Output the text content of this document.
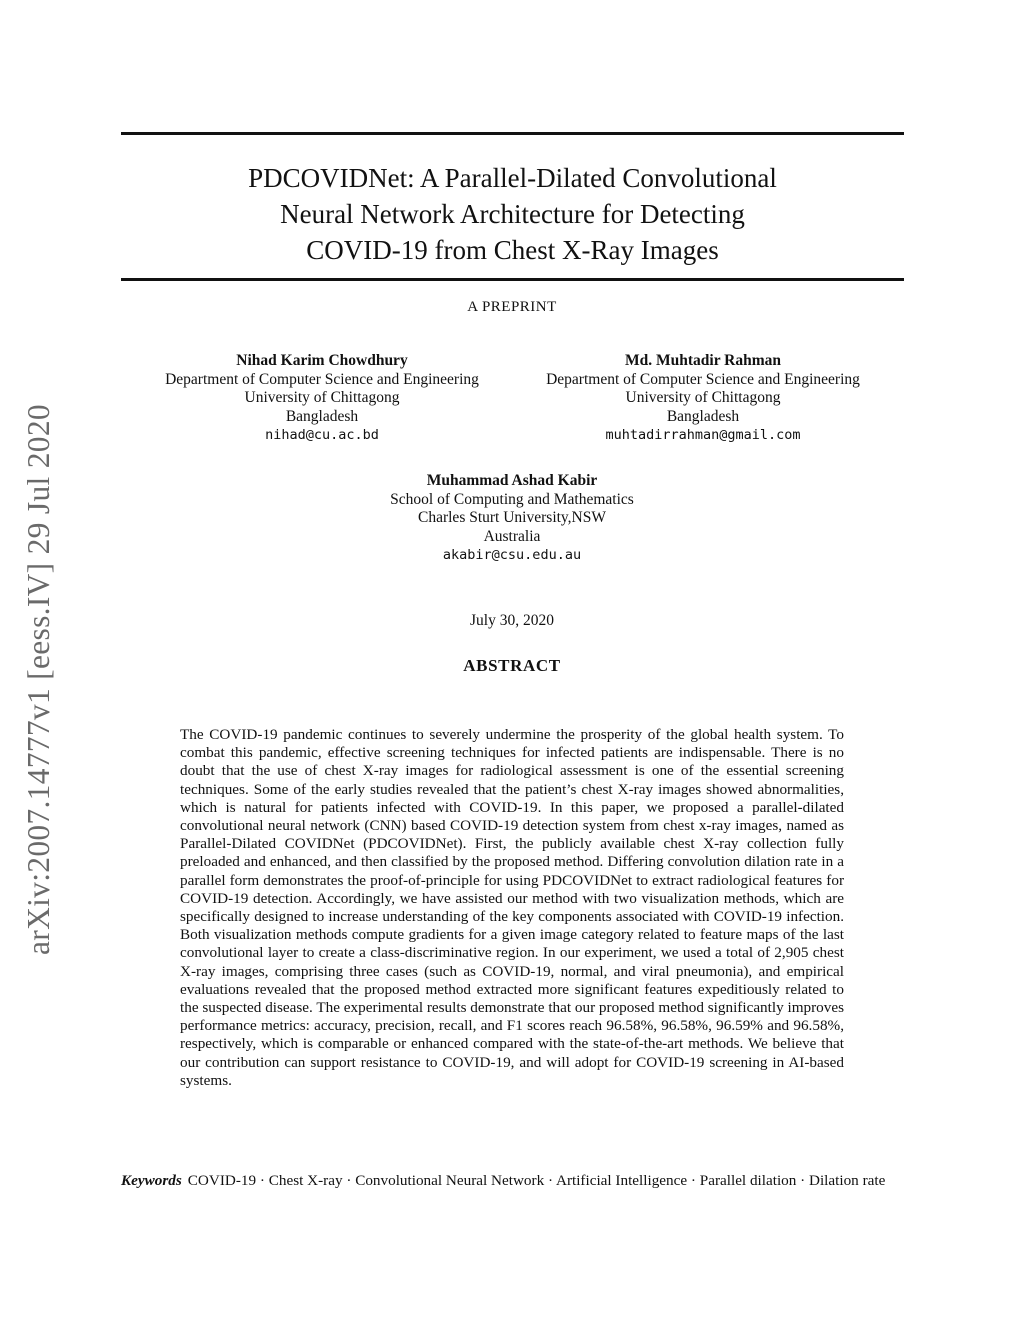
PDCOVIDNet: A Parallel-Dilated Convolutional
Neural Network Architecture for Detecting
COVID-19 from Chest X-Ray Images
A PREPRINT
Nihad Karim Chowdhury
Department of Computer Science and Engineering
University of Chittagong
Bangladesh
nihad@cu.ac.bd
Md. Muhtadir Rahman
Department of Computer Science and Engineering
University of Chittagong
Bangladesh
muhtadirrahman@gmail.com
Muhammad Ashad Kabir
School of Computing and Mathematics
Charles Sturt University,NSW
Australia
akabir@csu.edu.au
July 30, 2020
ABSTRACT

The COVID-19 pandemic continues to severely undermine the prosperity of the global health system. To combat this pandemic, effective screening techniques for infected patients are indispensable. There is no doubt that the use of chest X-ray images for radiological assessment is one of the essential screening techniques. Some of the early studies revealed that the patient’s chest X-ray images showed abnormalities, which is natural for patients infected with COVID-19. In this paper, we proposed a parallel-dilated convolutional neural network (CNN) based COVID-19 detection system from chest x-ray images, named as Parallel-Dilated COVIDNet (PDCOVIDNet). First, the publicly available chest X-ray collection fully preloaded and enhanced, and then classified by the proposed method. Differing convolution dilation rate in a parallel form demonstrates the proof-of-principle for using PDCOVIDNet to extract radiological features for COVID-19 detection. Accordingly, we have assisted our method with two visualization methods, which are specifically designed to increase understanding of the key components associated with COVID-19 infection. Both visualization methods compute gradients for a given image category related to feature maps of the last convolutional layer to create a class-discriminative region. In our experiment, we used a total of 2,905 chest X-ray images, comprising three cases (such as COVID-19, normal, and viral pneumonia), and empirical evaluations revealed that the proposed method extracted more significant features expeditiously related to the suspected disease. The experimental results demonstrate that our proposed method significantly improves performance metrics: accuracy, precision, recall, and F1 scores reach 96.58%, 96.58%, 96.59% and 96.58%, respectively, which is comparable or enhanced compared with the state-of-the-art methods. We believe that our contribution can support resistance to COVID-19, and will adopt for COVID-19 screening in AI-based systems.

Keywords COVID-19 · Chest X-ray · Convolutional Neural Network · Artificial Intelligence · Parallel dilation · Dilation rate
arXiv:2007.14777v1 [eess.IV] 29 Jul 2020
